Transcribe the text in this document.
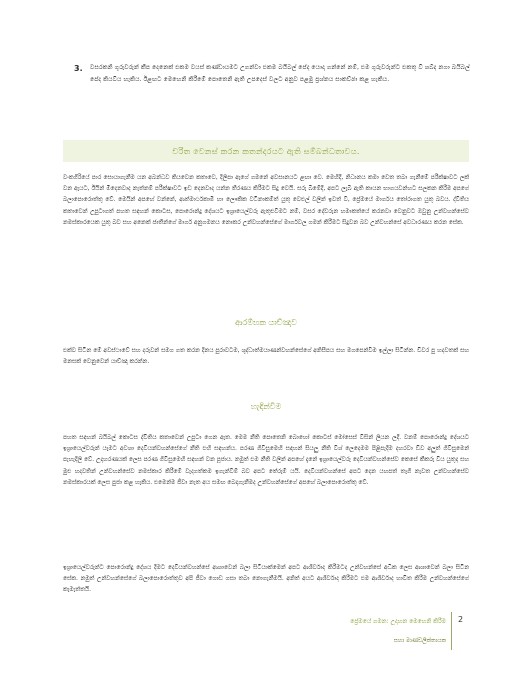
3.	වසරකනි ගුරුවරුන් කීප දෙනෙක් එකම වයස් කණ්ඩායමට උගන්වා එකම බයිබල් පේද යොදා ගන්නේ නම්, එම ගුරුවරුන්ට එකතු වී ශබ්ද නගා බයිබල් පේද කියවිය හැකිය. ඊළඟට මෙහෙනි කිරීමේ පොතෙනි ඇති උපදෙස් වලට අනුව පළමු ප්‍රශ්නය සාකච්ඡා කළ හැකිය.
චරිත වෙනස් කරන කතන්දරයට ඇති සම්බන්ධතාවය.

වංකගිරියේ පාර සොයාගැනීම යන අබන්ධව කියවෙන කතාවෙ, දිලීපා ඇගේ ගමනේ අවසානයට ළඟා වෙ. මෙහිදී, නිධානය කමා වෙත තබා ගැනීමේ පරීක්ෂාවට ලක් වන ඇයට, ඊයින් මිදෙනවාද නැත්නම් පරීක්ෂාවට ඉඩ දෙනවාද යන්න තීරණය කිරීමට සිදු වෙයි. සරු බිමේදී, අපට ලැබී ඇති කායන භාගයවන්හට සලකන කිරීම අපගේ බලාපොරොත්තු වේ. මෙයින් අපහේ වන්නේ, ආත්මාර්ථකාමී හා ලෞකික වටිනාකම්ත් යුතු වෙළුල් වලින් ඉවත් වී, ප්‍රේමයේ මාර්ගය තෝරාගත යුතු බවය. ද්විතිය කතාවෙන් උපුටාගත් පහත සඳහන් කොටස, පොරොන්දු දේශයට ඉශ්‍රායෙල්වරු ඇතුළුවීමට නම්, වසර දේවරුන හමාකත්යේ කරනවා වෙනුවට ඔවුනු උන්වහන්සේව නමස්කාරයෙක යුතු බව සහ අනෙක් ජාතීන්ගේ මාර්ග අනුගමනය නොකර උන්වහන්සේගේ මාර්ගවල ගමන් කිරීමට සිදුවන බව උන්වහන්සේ අවධාරණය කරන සේක.

ආරම්භක යාච්ඤාව

එක්ව සිටින මේ අවස්ථාවේ සහ දරුවන් සමග ගත කරන දිනය පුරාවටම, ශුද්ධාත්මයාණන්වහන්සේගේ අනිසීපය සහ මගපෙන්වීම ඉල්ලා සිටින්න. චිවර පු හදවතක් සහ මනසක් වෙනුවෙන් යාච්ඤා කරන්න.

හැඳින්වීම

පහත සඳහන් බයිබල් කොටස ද්විතිය කතාවෙන් උපුටා ගෙන ඇත. මෙම නීති පොතෙනි බොහෝ කොටස් මෝසෙස් විසින් ලියන ලදී. වනම් පොරොන්දු දේශයට ඉශ්‍රායෙල්වරුන් යෑමට අවශා දෙවියන්වහන්සේගේ නීති එහි සඳහන්ය. පරණ ගිවිසුමෙහි සඳහන් සියලු නීති විශ් ලෙදෙමම පිළිපැදීම දහරවා ඩිව අලුත් ගිවිසුමෙන් පැහැදිලි වේ. උදාහරණයක් ලෙස පරණ ගිවිසුමෙහි සඳහන් වන පූජාය. නමුත් එම නීති වලින් අපහේ දැනේ ඉශ්‍රායෙල්වරු දෙවියන්වහන්සේව කෙසේ කීකරු විය යුතුද සහ මුළු හදවතින් උන්වහන්සේව නමස්කාර කිරීමේ වැදගත්කම ඉගැන්වීම් බව අපට තේරුම් යයි. දෙවියන්වහන්සේ අපට දෙන යහපත් තෑගී නැවත උන්වහන්සේව නමස්කාරයක් ලෙස පුජා කළ හැකිය. එමෙන්ම ජීවා නැත අය සමඟ බෙදාගැනීමද උන්වහන්සේගේ අපහේ බලාපොරොත්තු වේ.

ඉශ්‍රායෙල්වරුන්ට පොරොන්දු දේශය දීමට දෙවියන්වහන්සේ ආශාවෙන් බලා සිටියාක්මෙන් අපට ආශීර්වාද කිරීමටද උන්වහන්සේ අධික ලෙස ආශාවෙන් බලා සිටින සේක. නමුත් උන්වහන්සේගේ බලාපොරොත්තුව අපි ජීවා ගොඩ ගසා තබා නොගැනීමයි. අනිත් අයට ආශීර්වාද කිරීමට එම ආශිර්වාද හාවිත කිරීම උන්වහන්සේගේ කැමැත්තයි.

ප්‍රේමයේ ගමන: උදාහන මෙහෙනි කිරීම
සහා මාණ්ඩලීක්තායක
2
